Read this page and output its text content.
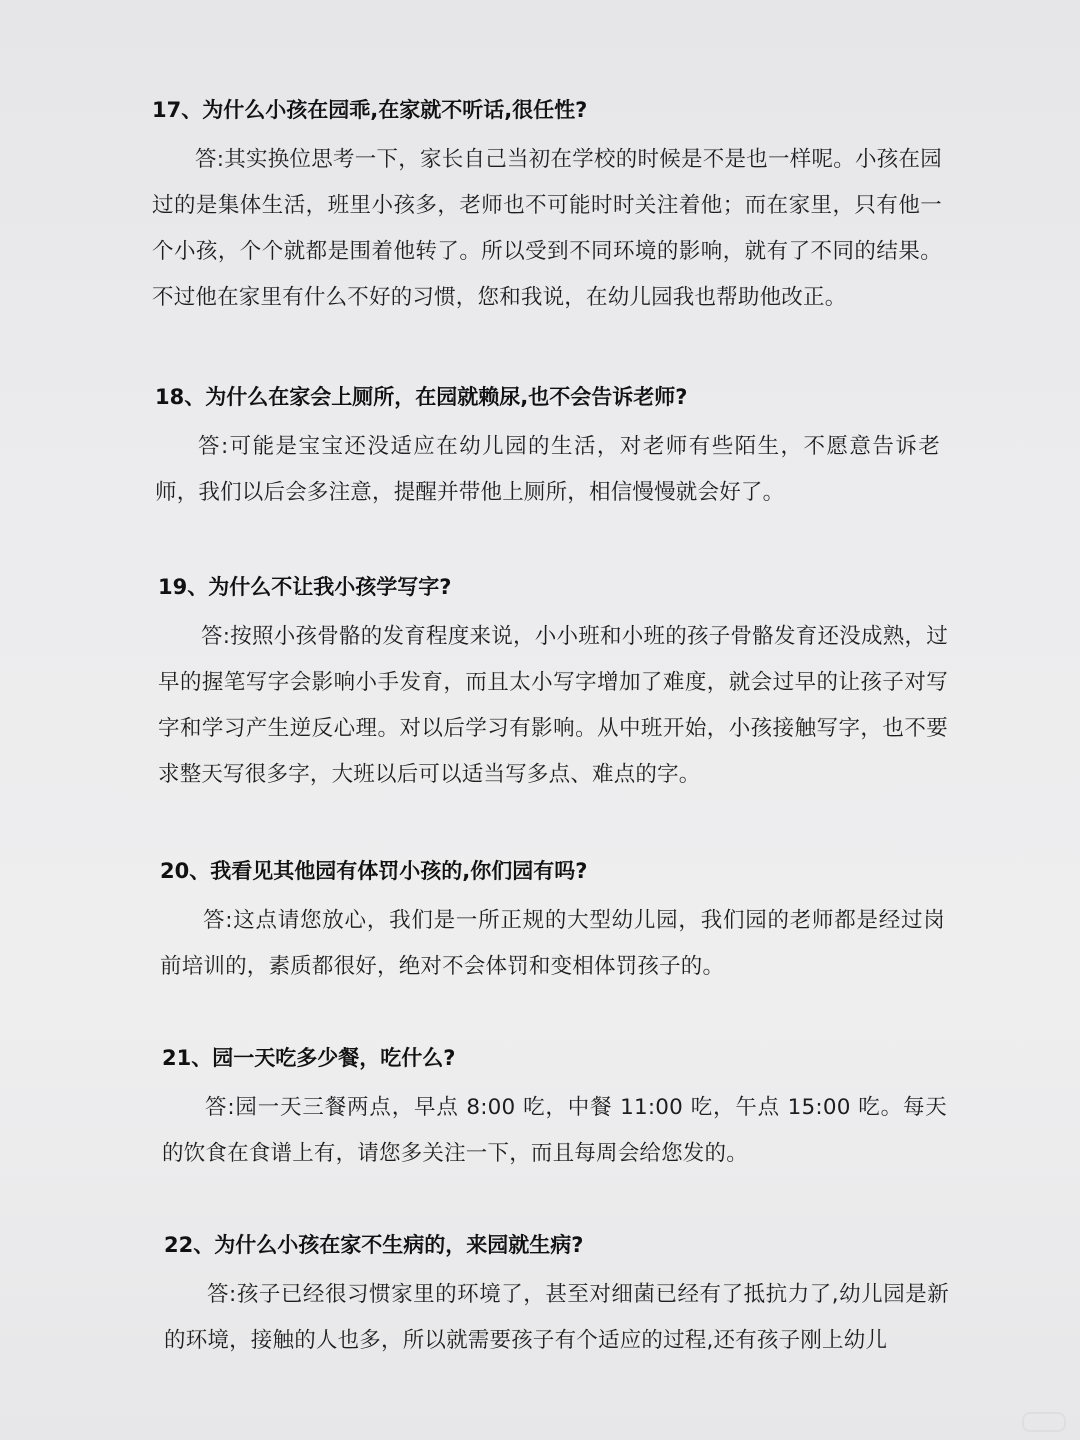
17、为什么小孩在园乖,在家就不听话,很任性?

答:其实换位思考一下，家长自己当初在学校的时候是不是也一样呢。小孩在园过的是集体生活，班里小孩多，老师也不可能时时关注着他；而在家里，只有他一个小孩，个个就都是围着他转了。所以受到不同环境的影响，就有了不同的结果。不过他在家里有什么不好的习惯，您和我说，在幼儿园我也帮助他改正。

18、为什么在家会上厕所，在园就赖尿,也不会告诉老师?

答:可能是宝宝还没适应在幼儿园的生活，对老师有些陌生，不愿意告诉老师，我们以后会多注意，提醒并带他上厕所，相信慢慢就会好了。

19、为什么不让我小孩学写字?

答:按照小孩骨骼的发育程度来说，小小班和小班的孩子骨骼发育还没成熟，过早的握笔写字会影响小手发育，而且太小写字增加了难度，就会过早的让孩子对写字和学习产生逆反心理。对以后学习有影响。从中班开始，小孩接触写字，也不要求整天写很多字，大班以后可以适当写多点、难点的字。

20、我看见其他园有体罚小孩的,你们园有吗?

答:这点请您放心，我们是一所正规的大型幼儿园，我们园的老师都是经过岗前培训的，素质都很好，绝对不会体罚和变相体罚孩子的。

21、园一天吃多少餐，吃什么?

答:园一天三餐两点，早点 8:00 吃，中餐 11:00 吃，午点 15:00 吃。每天的饮食在食谱上有，请您多关注一下，而且每周会给您发的。

22、为什么小孩在家不生病的，来园就生病?

答:孩子已经很习惯家里的环境了，甚至对细菌已经有了抵抗力了,幼儿园是新的环境，接触的人也多，所以就需要孩子有个适应的过程,还有孩子刚上幼儿
